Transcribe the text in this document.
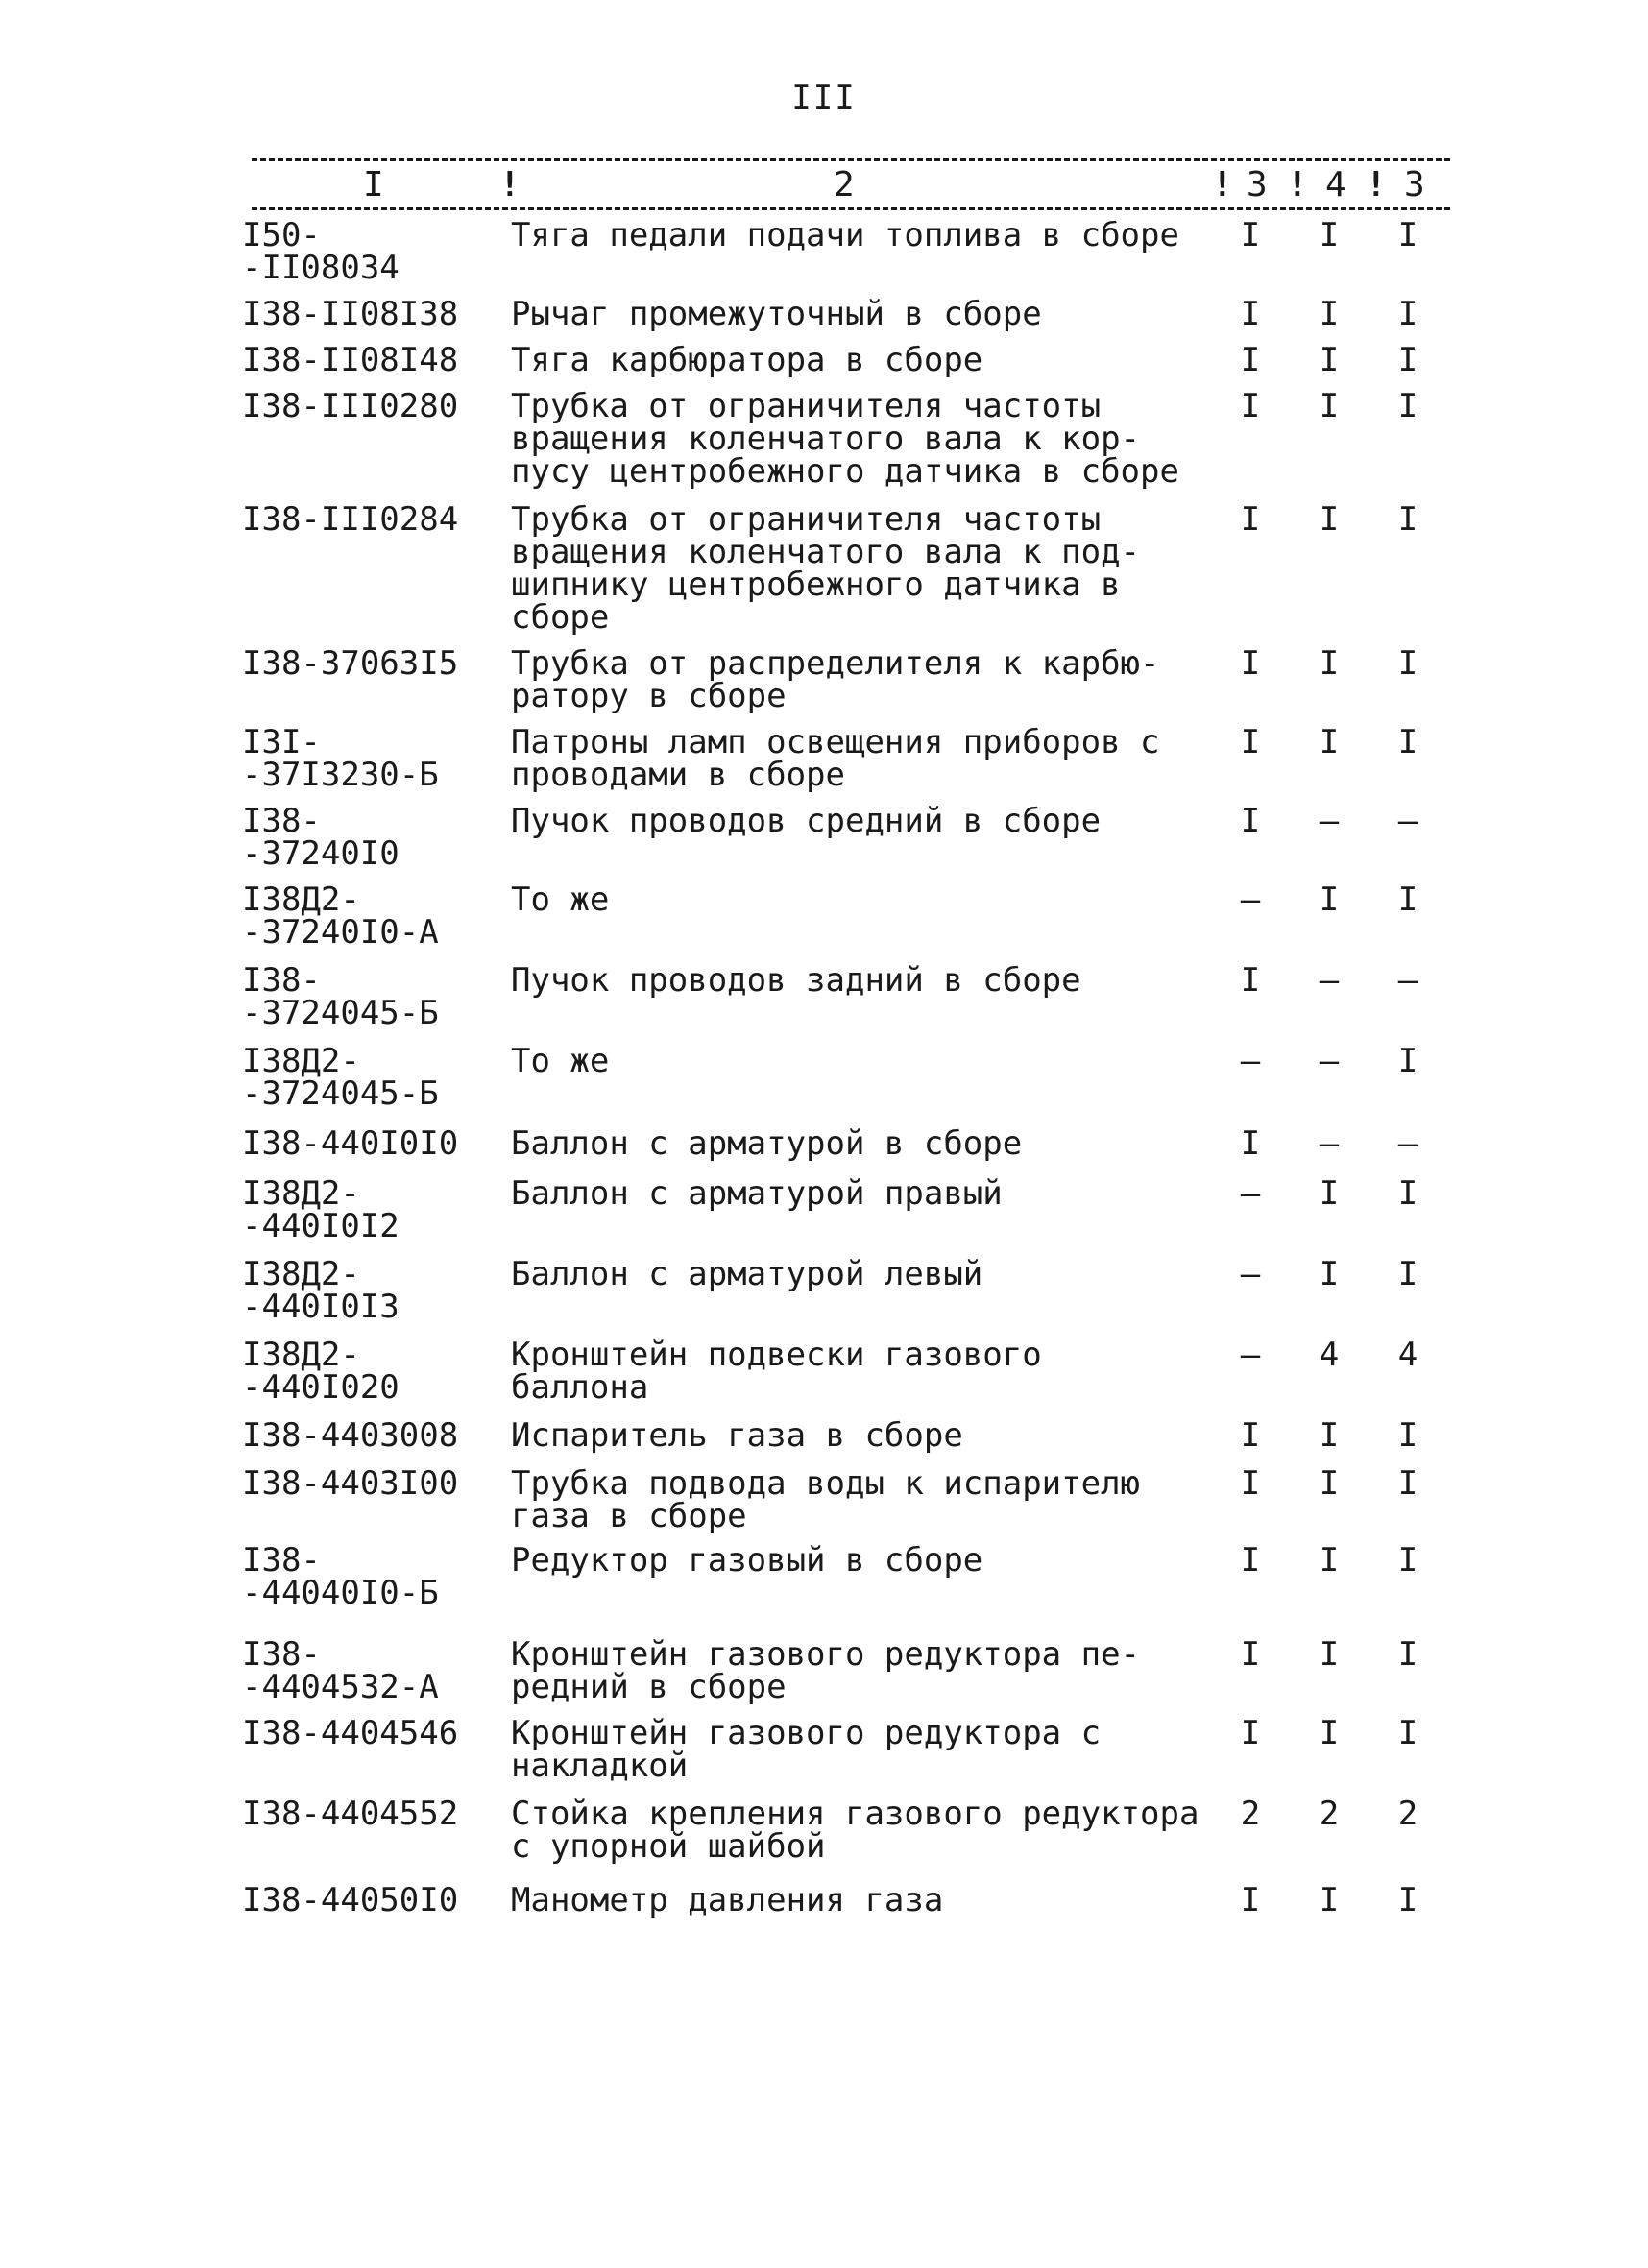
III
I	!	2	! 3 ! 4 ! 3
I50-
-II08034
Тяга педали подачи топлива в сборе	I I I
I38-II08I38	Рычаг промежуточный в сборе	I I I
I38-II08I48	Тяга карбюратора в сборе	I I I
I38-III0280	Трубка от ограничителя частоты
вращения коленчатого вала к кор-
пусу центробежного датчика в сборе
I I I
I38-III0284	Трубка от ограничителя частоты
вращения коленчатого вала к под-
шипнику центробежного датчика в
сборе
I I I
I38-37063I5	Трубка от распределителя к карбю-
ратору в сборе
I I I
I3I-
-37I3230-Б
Патроны ламп освещения приборов с
проводами в сборе
I I I
I38-
-37240I0
Пучок проводов средний в сборе	I – –
I38Д2-
-37240I0-А
То же	– I I
I38-
-3724045-Б
Пучок проводов задний в сборе	I – –
I38Д2-
-3724045-Б
То же	– – I
I38-440I0I0	Баллон с арматурой в сборе	I – –
I38Д2-
-440I0I2
Баллон с арматурой правый	– I I
I38Д2-
-440I0I3
Баллон с арматурой левый	– I I
I38Д2-
-440I020
Кронштейн подвески газового
баллона
– 4 4
I38-4403008	Испаритель газа в сборе	I I I
I38-4403I00	Трубка подвода воды к испарителю
газа в сборе
I I I
I38-
-44040I0-Б
Редуктор газовый в сборе	I I I
I38-
-4404532-А
Кронштейн газового редуктора пе-
редний в сборе
I I I
I38-4404546	Кронштейн газового редуктора с
накладкой
I I I
I38-4404552	Стойка крепления газового редуктора
с упорной шайбой
2 2 2
I38-44050I0	Манометр давления газа	I I I
